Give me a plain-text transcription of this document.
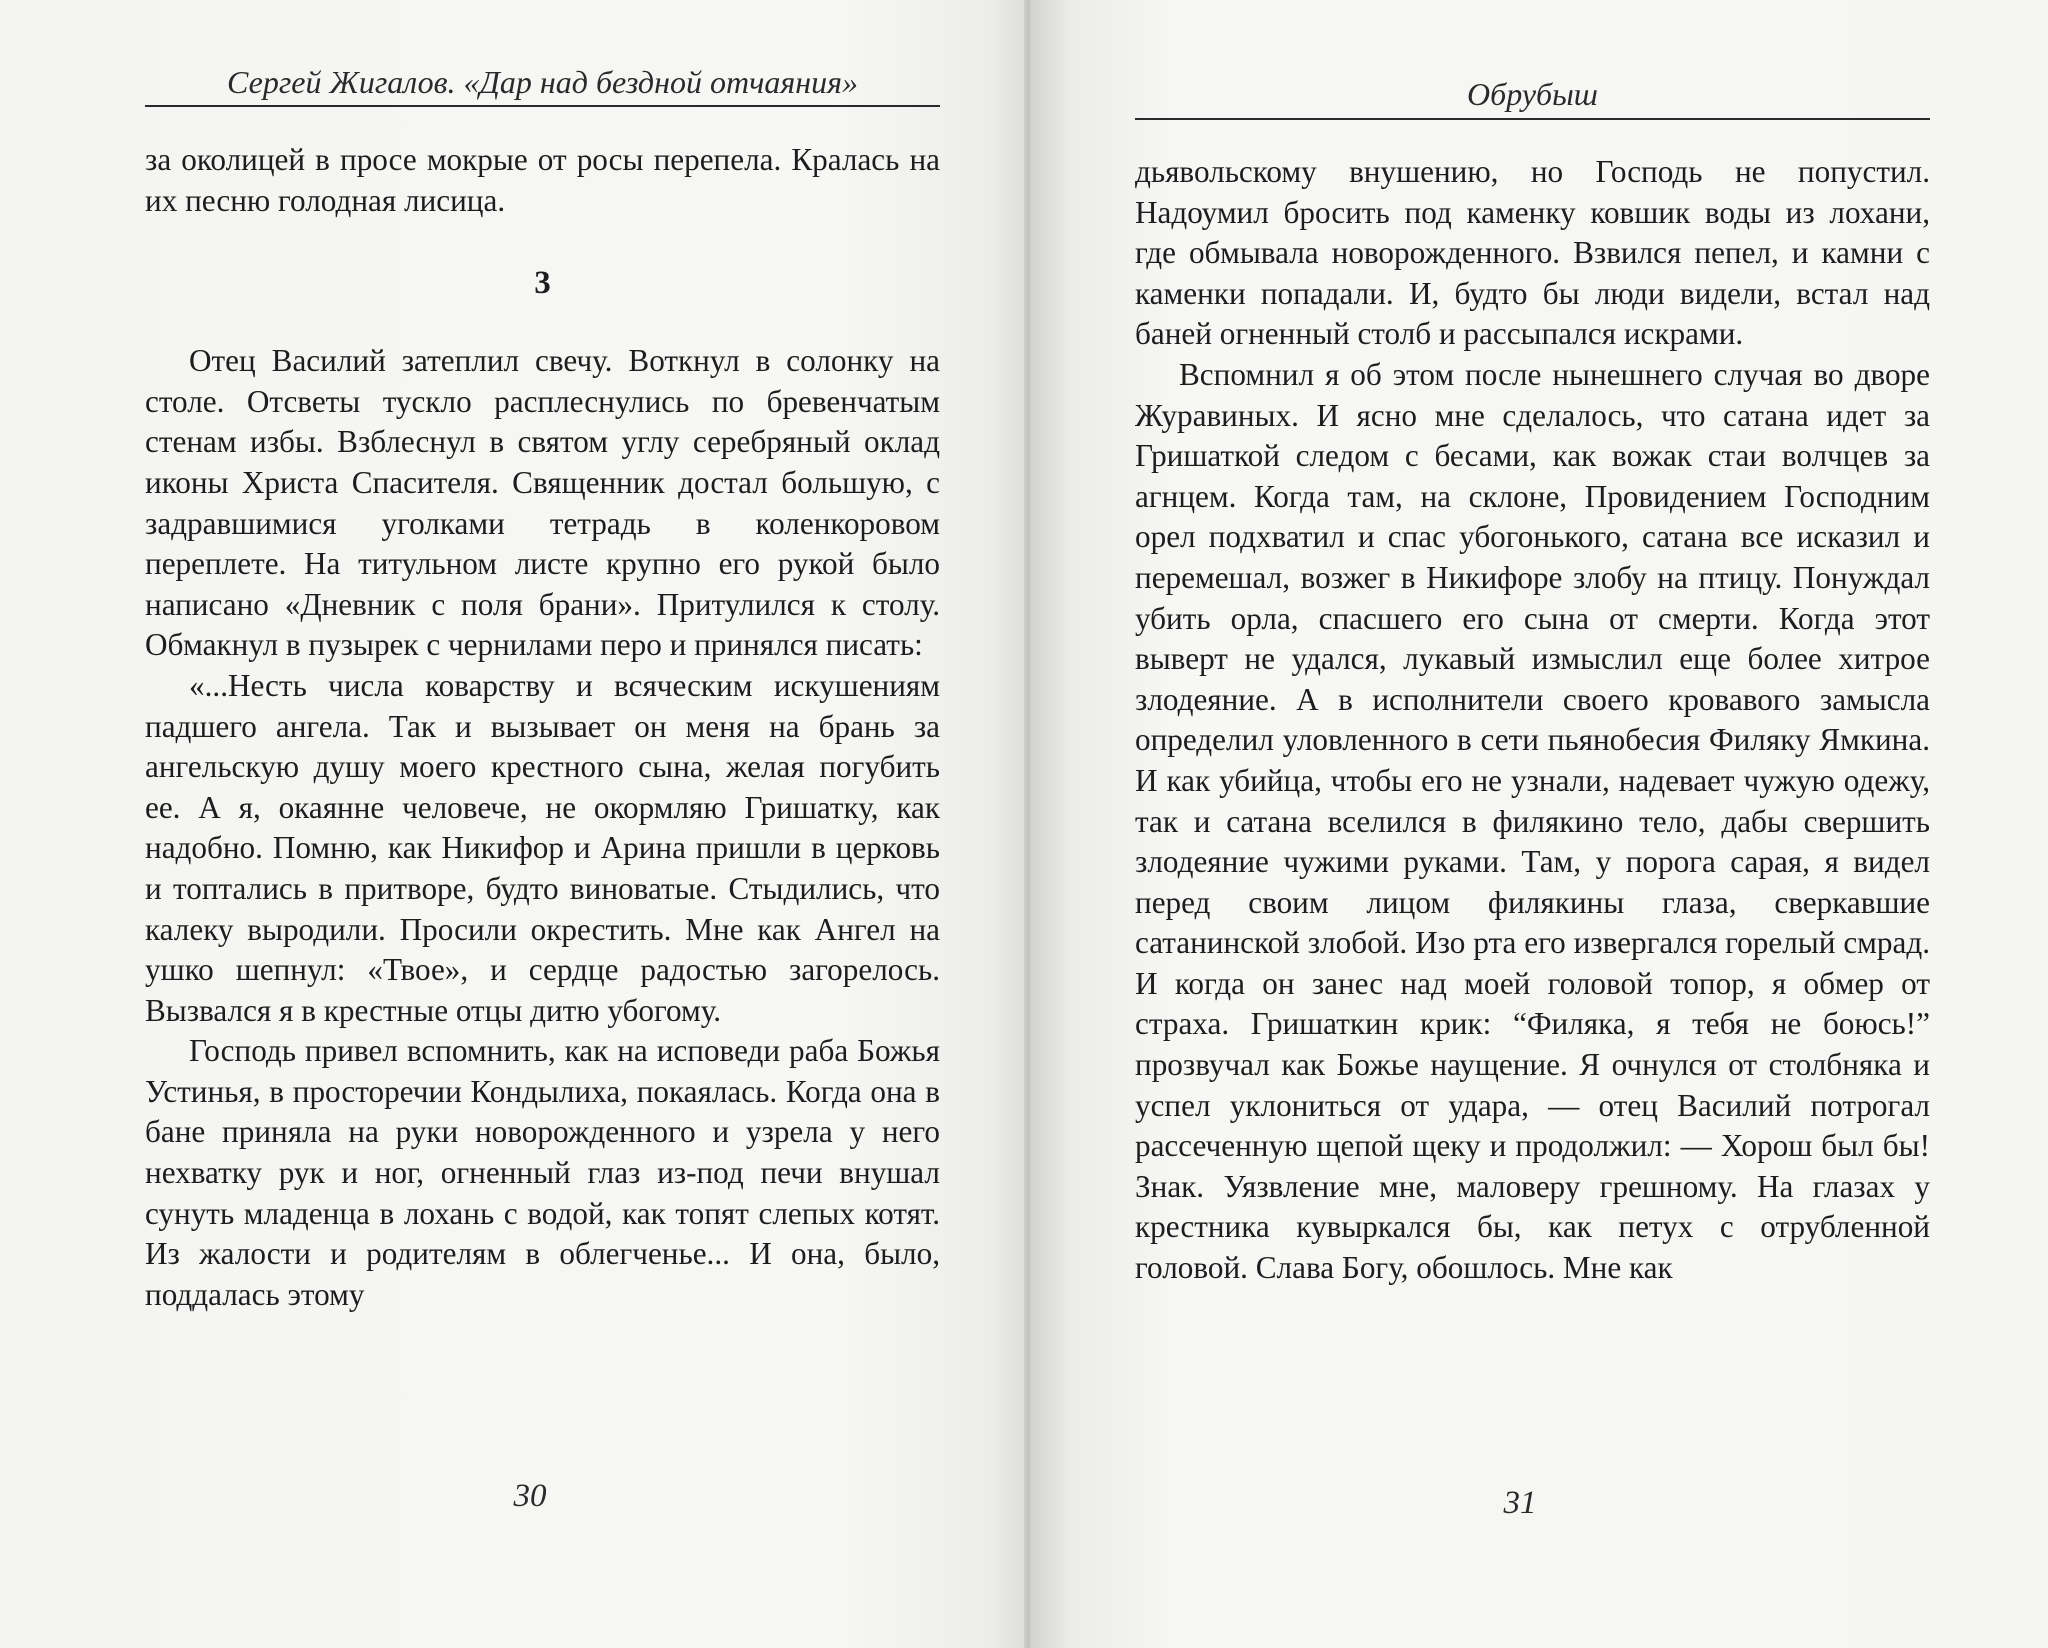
Сергей Жигалов. «Дар над бездной отчаяния»

за околицей в просе мокрые от росы перепела. Кралась на их песню голодная лисица.

3

Отец Василий затеплил свечу. Воткнул в солонку на столе. Отсветы тускло расплеснулись по бревенчатым стенам избы. Взблеснул в святом углу серебряный оклад иконы Христа Спасителя. Священник достал большую, с задравшимися уголками тетрадь в коленкоровом переплете. На титульном листе крупно его рукой было написано «Дневник с поля брани». Притулился к столу. Обмакнул в пузырек с чернилами перо и принялся писать:

«...Несть числа коварству и всяческим искушениям падшего ангела. Так и вызывает он меня на брань за ангельскую душу моего крестного сына, желая погубить ее. А я, окаянне человече, не окормляю Гришатку, как надобно. Помню, как Никифор и Арина пришли в церковь и топтались в притворе, будто виноватые. Стыдились, что калеку выродили. Просили окрестить. Мне как Ангел на ушко шепнул: «Твое», и сердце радостью загорелось. Вызвался я в крестные отцы дитю убогому.

Господь привел вспомнить, как на исповеди раба Божья Устинья, в просторечии Кондылиха, покаялась. Когда она в бане приняла на руки новорожденного и узрела у него нехватку рук и ног, огненный глаз из-под печи внушал сунуть младенца в лохань с водой, как топят слепых котят. Из жалости и родителям в облегченье... И она, было, поддалась этому

30
Обрубыш

дьявольскому внушению, но Господь не попустил. Надоумил бросить под каменку ковшик воды из лохани, где обмывала новорожденного. Взвился пепел, и камни с каменки попадали. И, будто бы люди видели, встал над баней огненный столб и рассыпался искрами.

Вспомнил я об этом после нынешнего случая во дворе Журавиных. И ясно мне сделалось, что сатана идет за Гришаткой следом с бесами, как вожак стаи волчцев за агнцем. Когда там, на склоне, Провидением Господним орел подхватил и спас убогонького, сатана все исказил и перемешал, возжег в Никифоре злобу на птицу. Понуждал убить орла, спасшего его сына от смерти. Когда этот выверт не удался, лукавый измыслил еще более хитрое злодеяние. А в исполнители своего кровавого замысла определил уловленного в сети пьянобесия Филяку Ямкина. И как убийца, чтобы его не узнали, надевает чужую одежу, так и сатана вселился в филякино тело, дабы свершить злодеяние чужими руками. Там, у порога сарая, я видел перед своим лицом филякины глаза, сверкавшие сатанинской злобой. Изо рта его извергался горелый смрад. И когда он занес над моей головой топор, я обмер от страха. Гришаткин крик: “Филяка, я тебя не боюсь!” прозвучал как Божье наущение. Я очнулся от столбняка и успел уклониться от удара, — отец Василий потрогал рассеченную щепой щеку и продолжил: — Хорош был бы! Знак. Уязвление мне, маловеру грешному. На глазах у крестника кувыркался бы, как петух с отрубленной головой. Слава Богу, обошлось. Мне как

31
